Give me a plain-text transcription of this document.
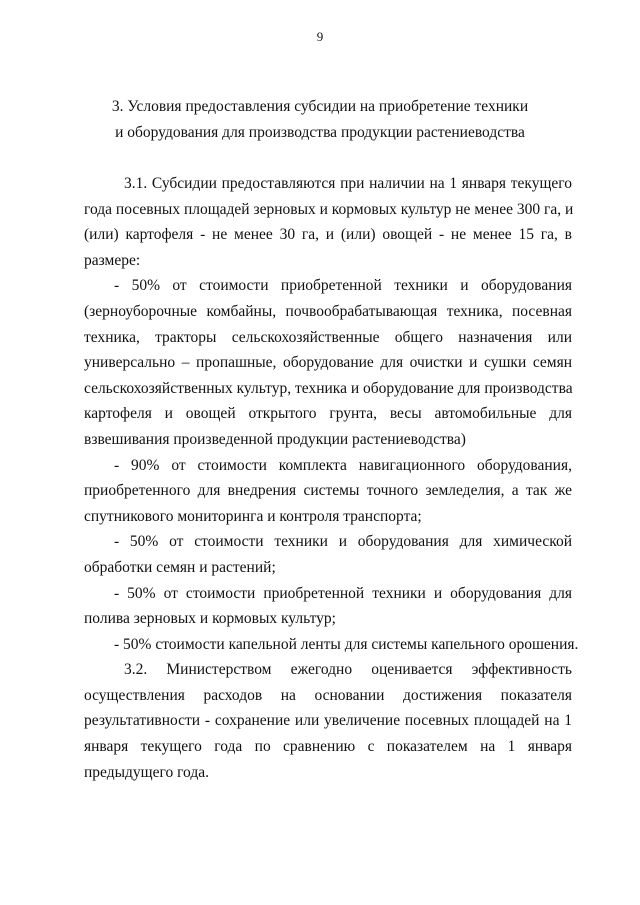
9
3. Условия предоставления субсидии на приобретение техники
и оборудования для производства продукции растениеводства
3.1. Субсидии предоставляются при наличии на 1 января текущего
года посевных площадей зерновых и кормовых культур не менее 300 га, и
(или) картофеля - не менее 30 га, и (или) овощей - не менее 15 га, в
размере:
- 50% от стоимости приобретенной техники и оборудования
(зерноуборочные комбайны, почвообрабатывающая техника, посевная
техника, тракторы сельскохозяйственные общего назначения или
универсально – пропашные, оборудование для очистки и сушки семян
сельскохозяйственных культур, техника и оборудование для производства
картофеля и овощей открытого грунта, весы автомобильные для
взвешивания произведенной продукции растениеводства)
- 90% от стоимости комплекта навигационного оборудования,
приобретенного для внедрения системы точного земледелия, а так же
спутникового мониторинга и контроля транспорта;
- 50% от стоимости техники и оборудования для химической
обработки семян и растений;
- 50% от стоимости приобретенной техники и оборудования для
полива зерновых и кормовых культур;
- 50% стоимости капельной ленты для системы капельного орошения.
3.2. Министерством ежегодно оценивается эффективность
осуществления расходов на основании достижения показателя
результативности - сохранение или увеличение посевных площадей на 1
января текущего года по сравнению с показателем на 1 января
предыдущего года.
